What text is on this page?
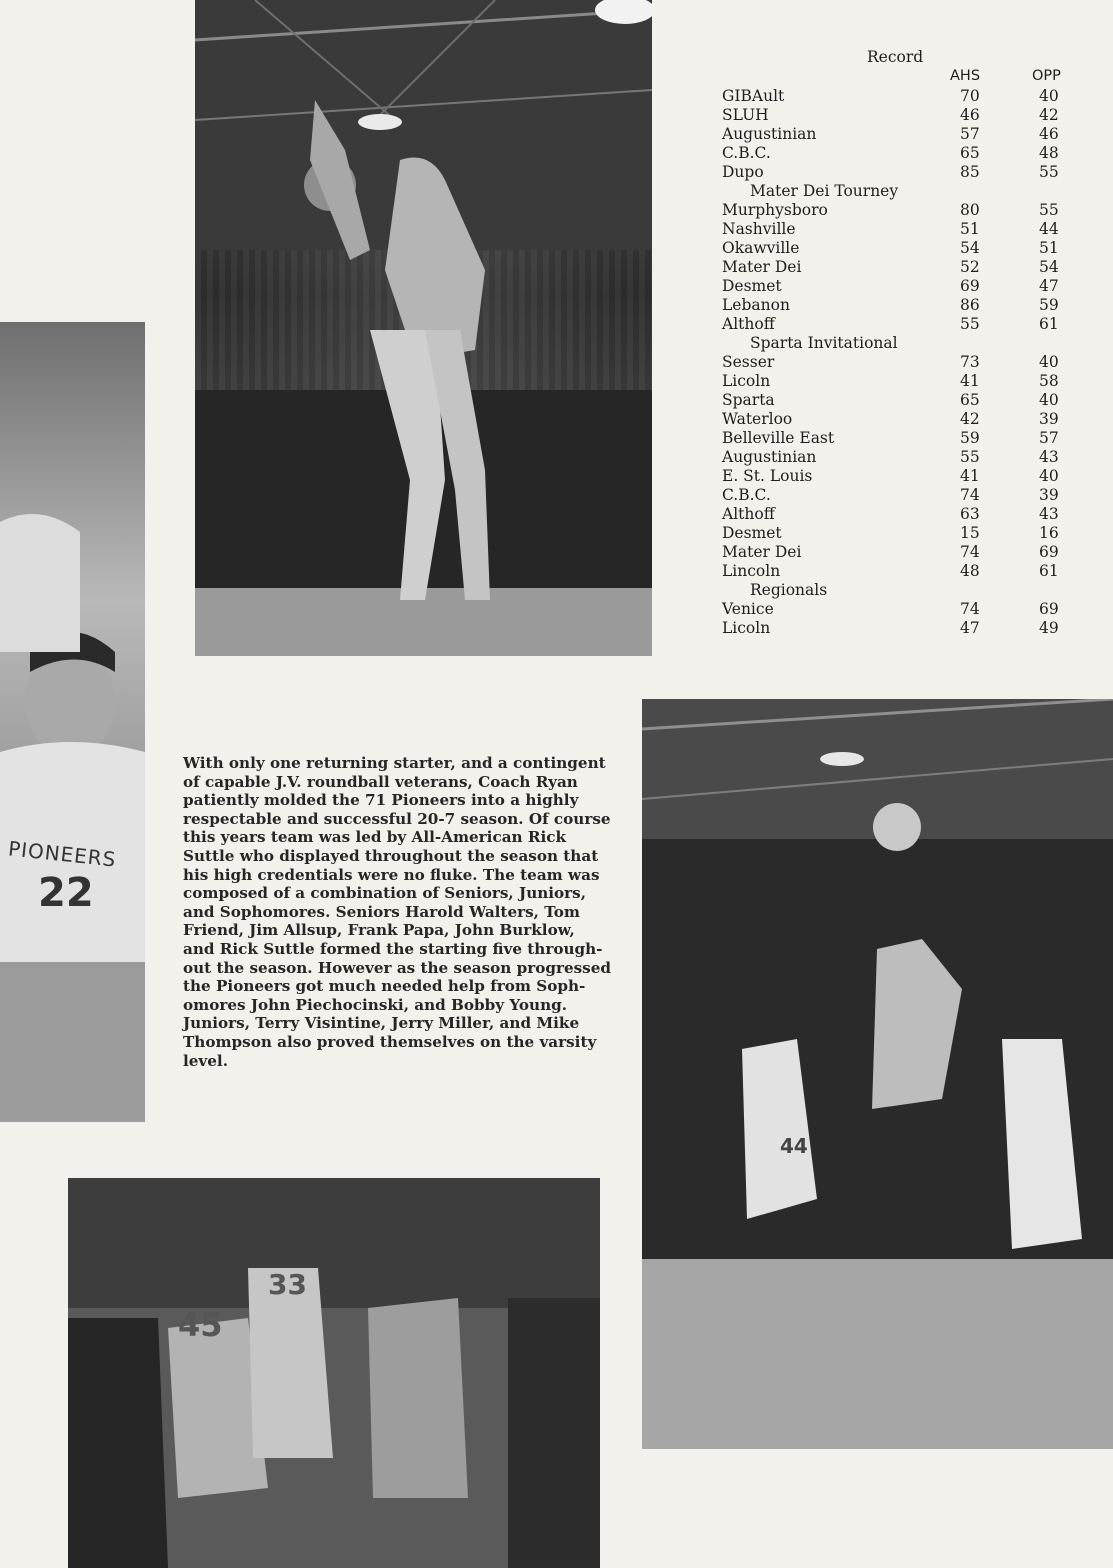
PIONEERS
22
44
45
33
Record
AHS	OPP
GIBAult	70	40
SLUH	46	42
Augustinian	57	46
C.B.C.	65	48
Dupo	85	55
Mater Dei Tourney
Murphysboro	80	55
Nashville	51	44
Okawville	54	51
Mater Dei	52	54
Desmet	69	47
Lebanon	86	59
Althoff	55	61
Sparta Invitational
Sesser	73	40
Licoln	41	58
Sparta	65	40
Waterloo	42	39
Belleville East	59	57
Augustinian	55	43
E. St. Louis	41	40
C.B.C.	74	39
Althoff	63	43
Desmet	15	16
Mater Dei	74	69
Lincoln	48	61
Regionals
Venice	74	69
Licoln	47	49
With only one returning starter, and a contingent
of capable J.V. roundball veterans, Coach Ryan
patiently molded the 71 Pioneers into a highly
respectable and successful 20-7 season. Of course
this years team was led by All-American Rick
Suttle who displayed throughout the season that
his high credentials were no fluke. The team was
composed of a combination of Seniors, Juniors,
and Sophomores. Seniors Harold Walters, Tom
Friend, Jim Allsup, Frank Papa, John Burklow,
and Rick Suttle formed the starting five through-
out the season. However as the season progressed
the Pioneers got much needed help from Soph-
omores John Piechocinski, and Bobby Young.
Juniors, Terry Visintine, Jerry Miller, and Mike
Thompson also proved themselves on the varsity
level.
